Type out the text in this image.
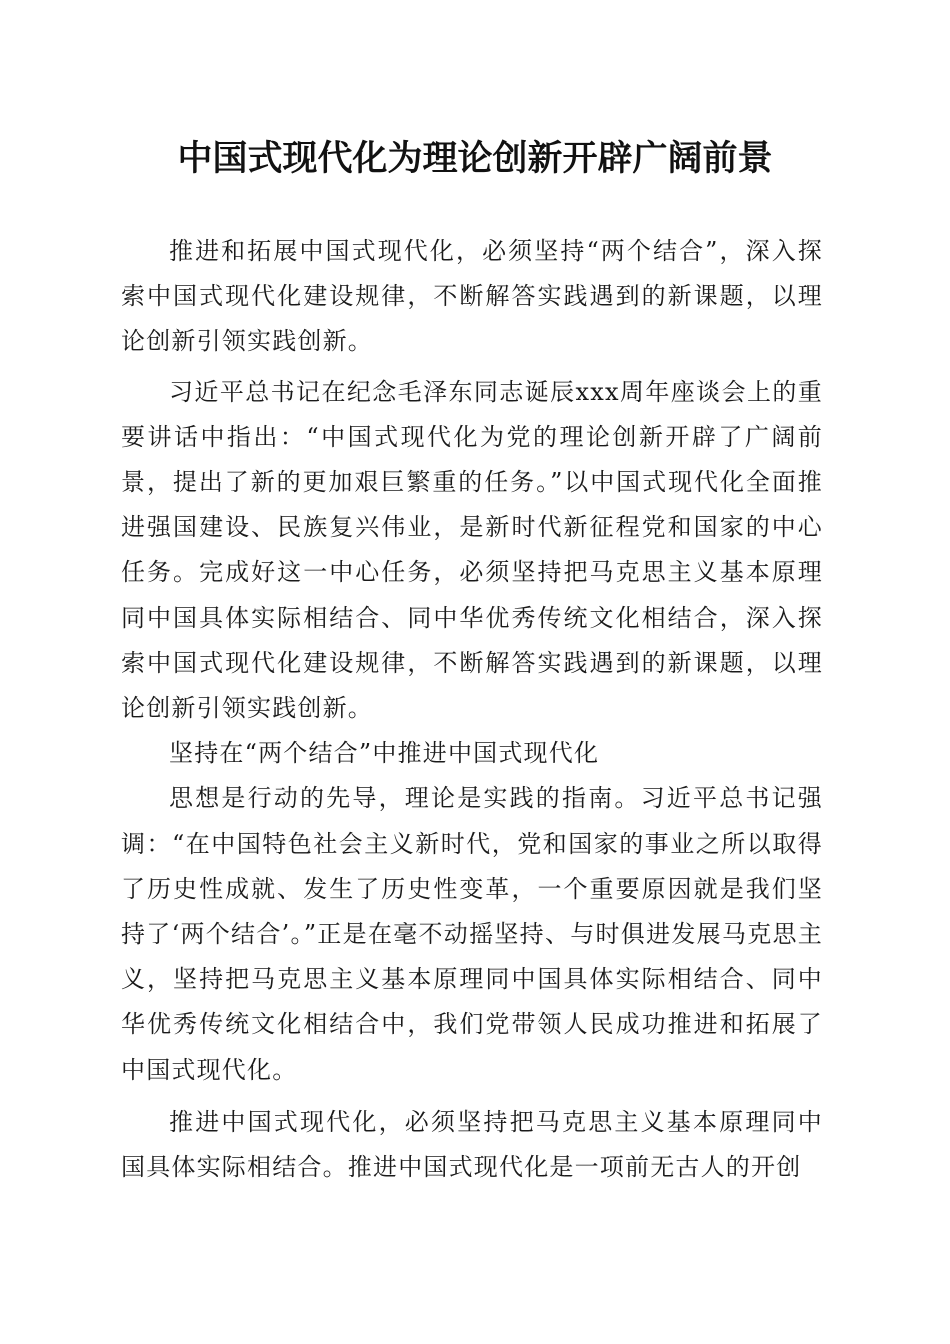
中国式现代化为理论创新开辟广阔前景

推进和拓展中国式现代化，必须坚持“两个结合”，深入探索中国式现代化建设规律，不断解答实践遇到的新课题，以理论创新引领实践创新。

习近平总书记在纪念毛泽东同志诞辰xxx周年座谈会上的重要讲话中指出：“中国式现代化为党的理论创新开辟了广阔前景，提出了新的更加艰巨繁重的任务。”以中国式现代化全面推进强国建设、民族复兴伟业，是新时代新征程党和国家的中心任务。完成好这一中心任务，必须坚持把马克思主义基本原理同中国具体实际相结合、同中华优秀传统文化相结合，深入探索中国式现代化建设规律，不断解答实践遇到的新课题，以理论创新引领实践创新。

坚持在“两个结合”中推进中国式现代化

思想是行动的先导，理论是实践的指南。习近平总书记强调：“在中国特色社会主义新时代，党和国家的事业之所以取得了历史性成就、发生了历史性变革，一个重要原因就是我们坚持了‘两个结合’。”正是在毫不动摇坚持、与时俱进发展马克思主义，坚持把马克思主义基本原理同中国具体实际相结合、同中华优秀传统文化相结合中，我们党带领人民成功推进和拓展了中国式现代化。

推进中国式现代化，必须坚持把马克思主义基本原理同中国具体实际相结合。推进中国式现代化是一项前无古人的开创
